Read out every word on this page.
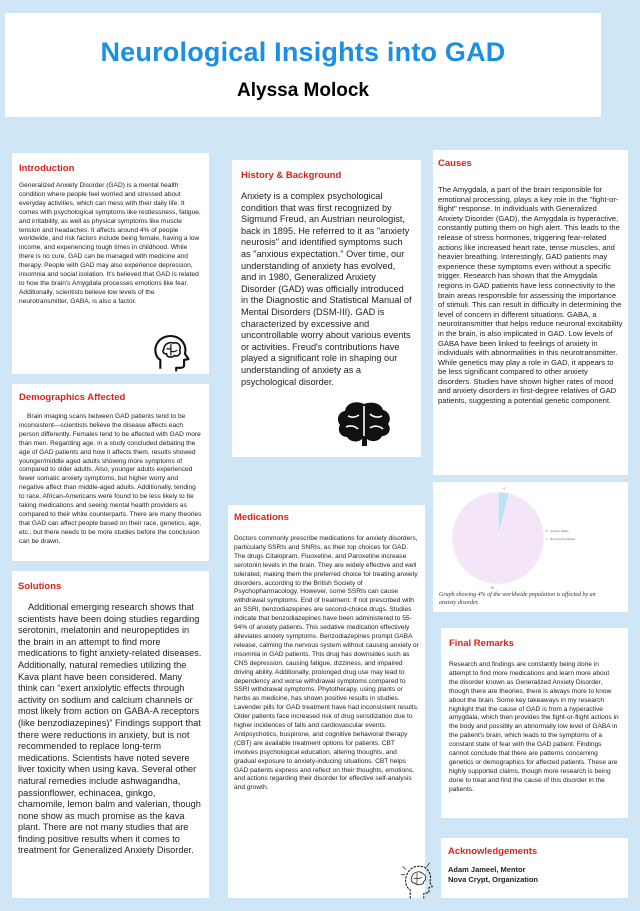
Neurological Insights into GAD
Alyssa Molock
Introduction

Generalized Anxiety Disorder (GAD) is a mental health condition where people feel worried and stressed about everyday activities, which can mess with their daily life. It comes with psychological symptoms like restlessness, fatigue, and irritability, as well as physical symptoms like muscle tension and headaches. It affects around 4% of people worldwide, and risk factors include being female, having a low income, and experiencing tough times in childhood. While there is no cure, GAD can be managed with medicine and therapy. People with GAD may also experience depression, insomnia and social isolation. It's believed that GAD is related to how the brain's Amygdala processes emotions like fear. Additionally, scientists believe low levels of the neurotransmitter, GABA, is also a factor.

History & Background

Anxiety is a complex psychological condition that was first recognized by Sigmund Freud, an Austrian neurologist, back in 1895. He referred to it as "anxiety neurosis" and identified symptoms such as "anxious expectation." Over time, our understanding of anxiety has evolved, and in 1980, Generalized Anxiety Disorder (GAD) was officially introduced in the Diagnostic and Statistical Manual of Mental Disorders (DSM-III). GAD is characterized by excessive and uncontrollable worry about various events or activities. Freud's contributions have played a significant role in shaping our understanding of anxiety as a psychological disorder.

Causes

The Amygdala, a part of the brain responsible for emotional processing, plays a key role in the "fight-or-flight" response. In individuals with Generalized Anxiety Disorder (GAD), the Amygdala is hyperactive, constantly putting them on high alert. This leads to the release of stress hormones, triggering fear-related actions like increased heart rate, tense muscles, and heavier breathing. Interestingly, GAD patients may experience these symptoms even without a specific trigger. Research has shown that the Amygdala regions in GAD patients have less connectivity to the brain areas responsible for assessing the importance of stimuli. This can result in difficulty in determining the level of concern in different situations. GABA, a neurotransmitter that helps reduce neuronal excitability in the brain, is also implicated in GAD. Low levels of GABA have been linked to feelings of anxiety in individuals with abnormalities in this neurotransmitter. While genetics may play a role in GAD, it appears to be less significant compared to other anxiety disorders. Studies have shown higher rates of mood and anxiety disorders in first-degree relatives of GAD patients, suggesting a potential genetic component.

Demographics Affected

Brain imaging scans between GAD patients tend to be inconsistent—scientists believe the disease affects each person differently. Females tend to be affected with GAD more than men. Regarding age, in a study concluded debating the age of GAD patients and how it affects them, results showed younger/middle aged adults showing more symptoms of compared to older adults. Also, younger adults experienced fewer somatic anxiety symptoms, but higher worry and negative affect than middle-aged adults. Additionally, tending to race, African-Americans were found to be less likely to be taking medications and seeing mental health providers as compared to their white counterparts. There are many theories that GAD can affect people based on their race, genetics, age, etc., but there needs to be more studies before the conclusion can be drawn.

4
96
Current Rates
Non-Anxiety Rates
Graph showing 4% of the worldwide population is affected by an anxiety disorder.
Medications

Doctors commonly prescribe medications for anxiety disorders, particularly SSRIs and SNRIs, as their top choices for GAD. The drugs Citalopram, Fluoxetine, and Paroxetine increase serotonin levels in the brain. They are widely effective and well tolerated, making them the preferred choice for treating anxiety disorders, according to the British Society of Psychopharmacology. However, some SSRIs can cause withdrawal symptoms. End of treatment. If not prescribed with an SSRI, benzodiazepines are second-choice drugs. Studies indicate that benzodiazepines have been administered to 55-94% of anxiety patients. This sedative medication effectively alleviates anxiety symptoms. Benzodiazepines prompt GABA release, calming the nervous system without causing anxiety or insomnia in GAD patients. This drug has downsides such as CNS depression, causing fatigue, dizziness, and impaired driving ability. Additionally, prolonged drug use may lead to dependency and worse withdrawal symptoms compared to SSRI withdrawal symptoms. Phytotherapy, using plants or herbs as medicine, has shown positive results in studies. Lavender pills for GAD treatment have had inconsistent results. Older patients face increased risk of drug sensitization due to higher incidences of falls and cardiovascular events. Antipsychotics, buspirone, and cognitive behavioral therapy (CBT) are available treatment options for patients. CBT involves psychological education, altering thoughts, and gradual exposure to anxiety-inducing situations. CBT helps GAD patients express and reflect on their thoughts, emotions, and actions regarding their disorder for effective self-analysis and growth.

Solutions

Additional emerging research shows that scientists have been doing studies regarding serotonin, melatonin and neuropeptides in the brain in an attempt to find more medications to fight anxiety-related diseases. Additionally, natural remedies utilizing the Kava plant have been considered. Many think can “exert anxiolytic effects through activity on sodium and calcium channels or most likely from action on GABA-A receptors (like benzodiazepines)” Findings support that there were reductions in anxiety, but is not recommended to replace long-term medications. Scientists have noted severe liver toxicity when using kava. Several other natural remedies include ashwagandha, passionflower, echinacea, ginkgo, chamomile, lemon balm and valerian, though none show as much promise as the kava plant. There are not many studies that are finding positive results when it comes to treatment for Generalized Anxiety Disorder.

Final Remarks

Research and findings are constantly being done in attempt to find more medications and learn more about the disorder known as Generalized Anxiety Disorder, though there are theories, there is always more to know about the brain. Some key takeaways in my research highlight that the cause of GAD is from a hyperactive amygdala, which then provides the fight-or-flight actions in the body and possibly an abnormally low level of GABA in the patient's brain, which leads to the symptoms of a constant state of fear with the GAD patient. Findings cannot conclude that there are patterns concerning genetics or demographics for affected patients. These are highly supported claims, though more research is being done to treat and find the cause of this disorder in the patients.

Acknowledgements
Adam Jameel, Mentor
Nova Crypt, Organization
